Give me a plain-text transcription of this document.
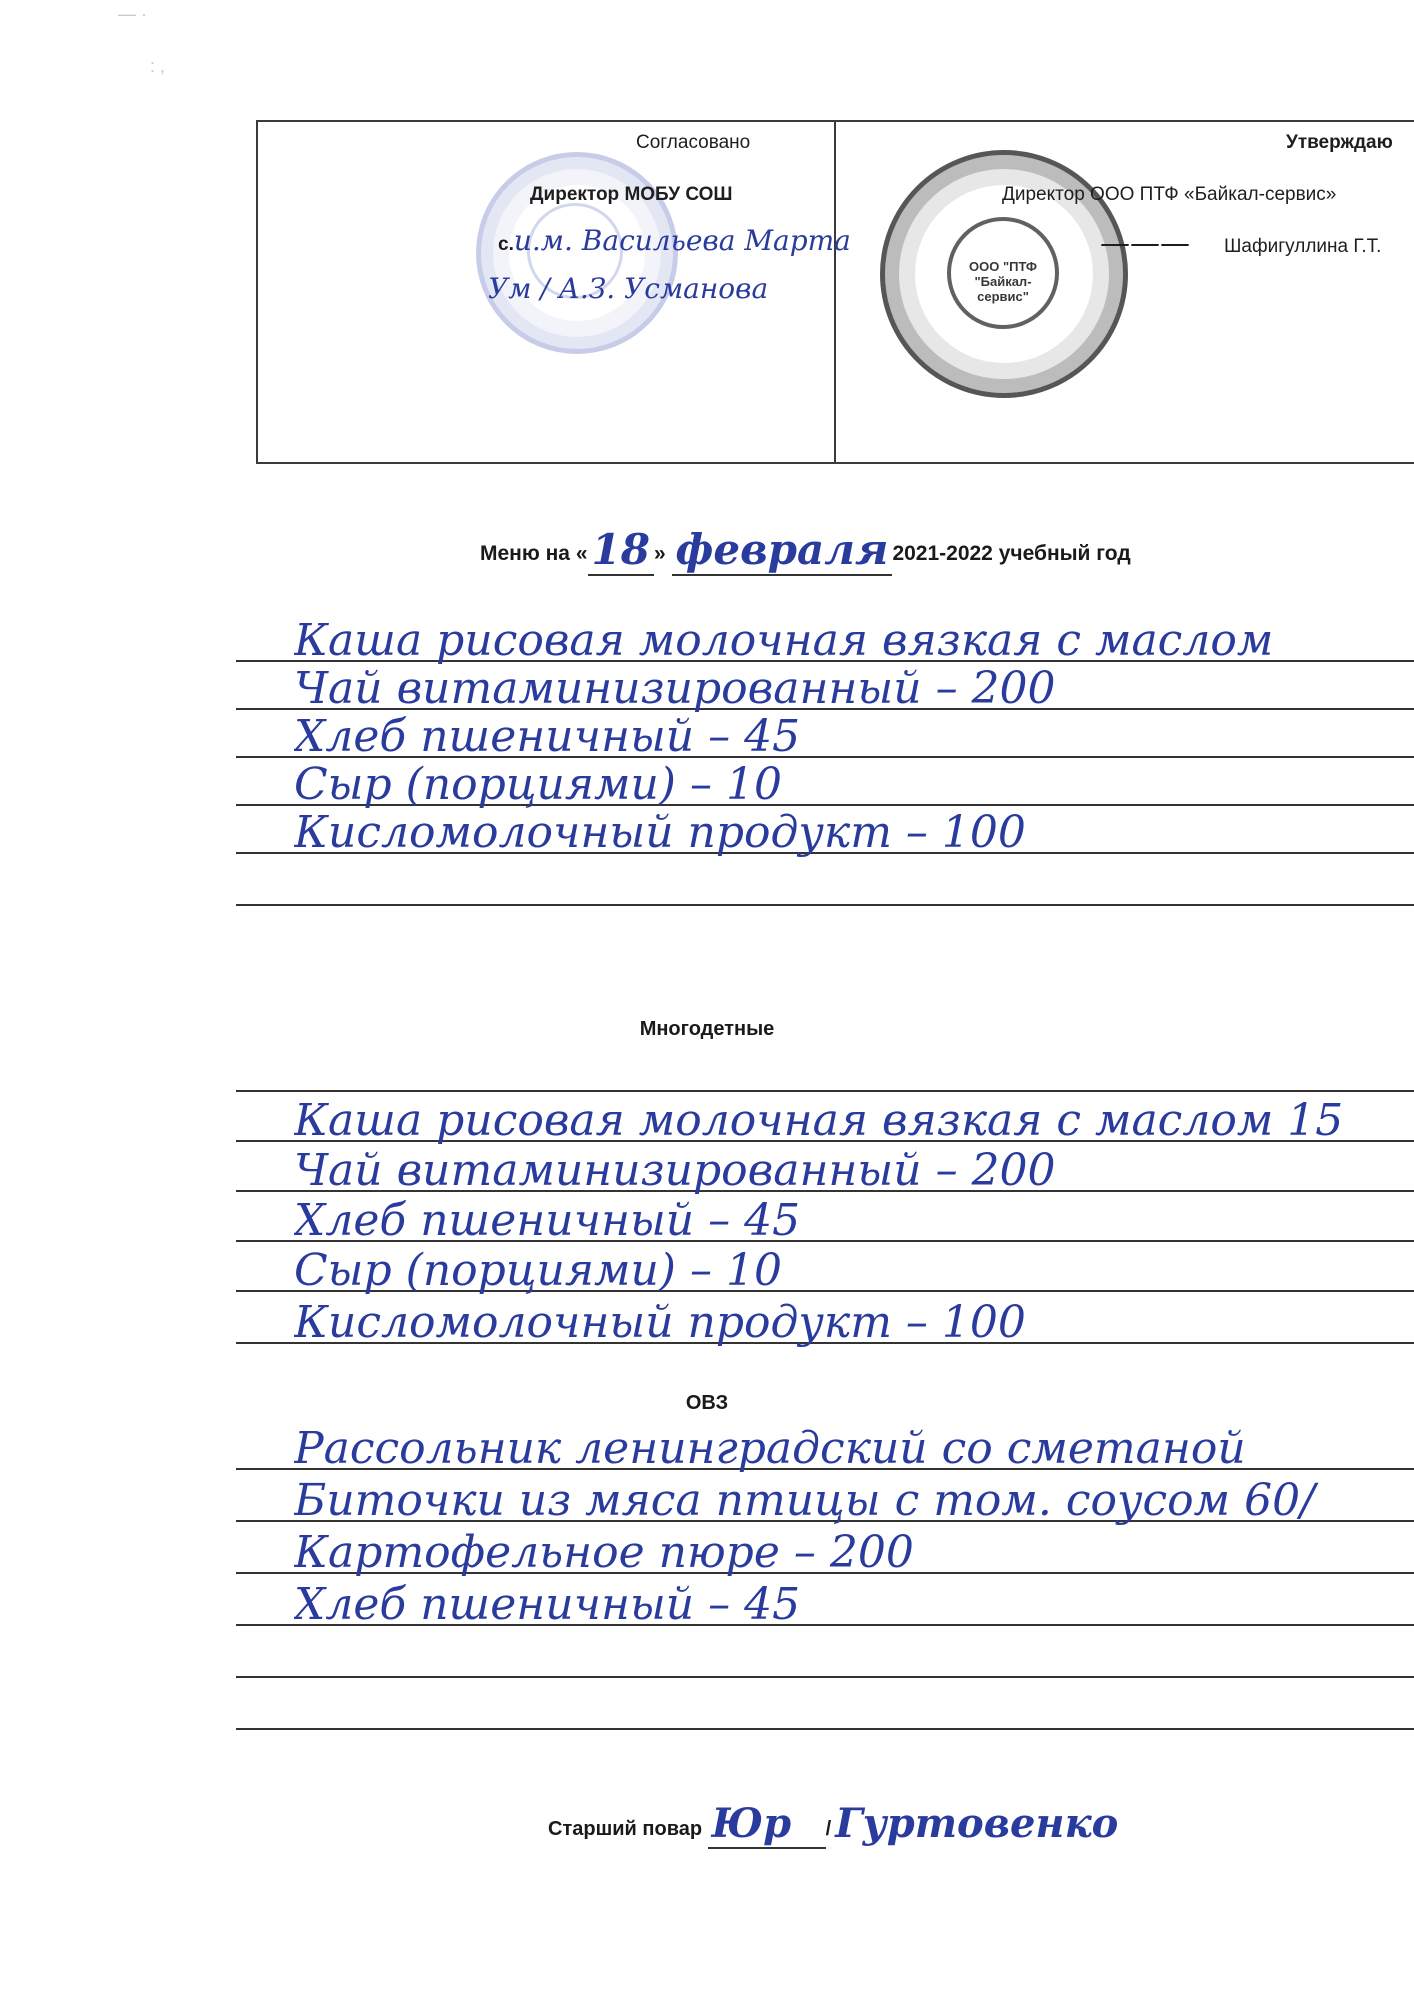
— ·
: ,
Согласовано
Директор МОБУ СОШ
с.и.м. Васильева Марта
Ум / А.З. Усманова
ООО "ПТФ "Байкал-сервис"
Утверждаю
Директор ООО ПТФ «Байкал-сервис»
——— Шафигуллина Г.Т.
Меню на «18 » февраля 2021-2022 учебный год
Каша рисовая молочная вязкая с маслом
Чай витаминизированный – 200
Хлеб пшеничный – 45
Сыр (порциями) – 10
Кисломолочный продукт – 100
Многодетные
Каша рисовая молочная вязкая с маслом 15
Чай витаминизированный – 200
Хлеб пшеничный – 45
Сыр (порциями) – 10
Кисломолочный продукт – 100
ОВЗ
Рассольник ленинградский со сметаной
Биточки из мяса птицы с том. соусом 60/
Картофельное пюре – 200
Хлеб пшеничный – 45
Старший повар Юр / Гуртовенко
